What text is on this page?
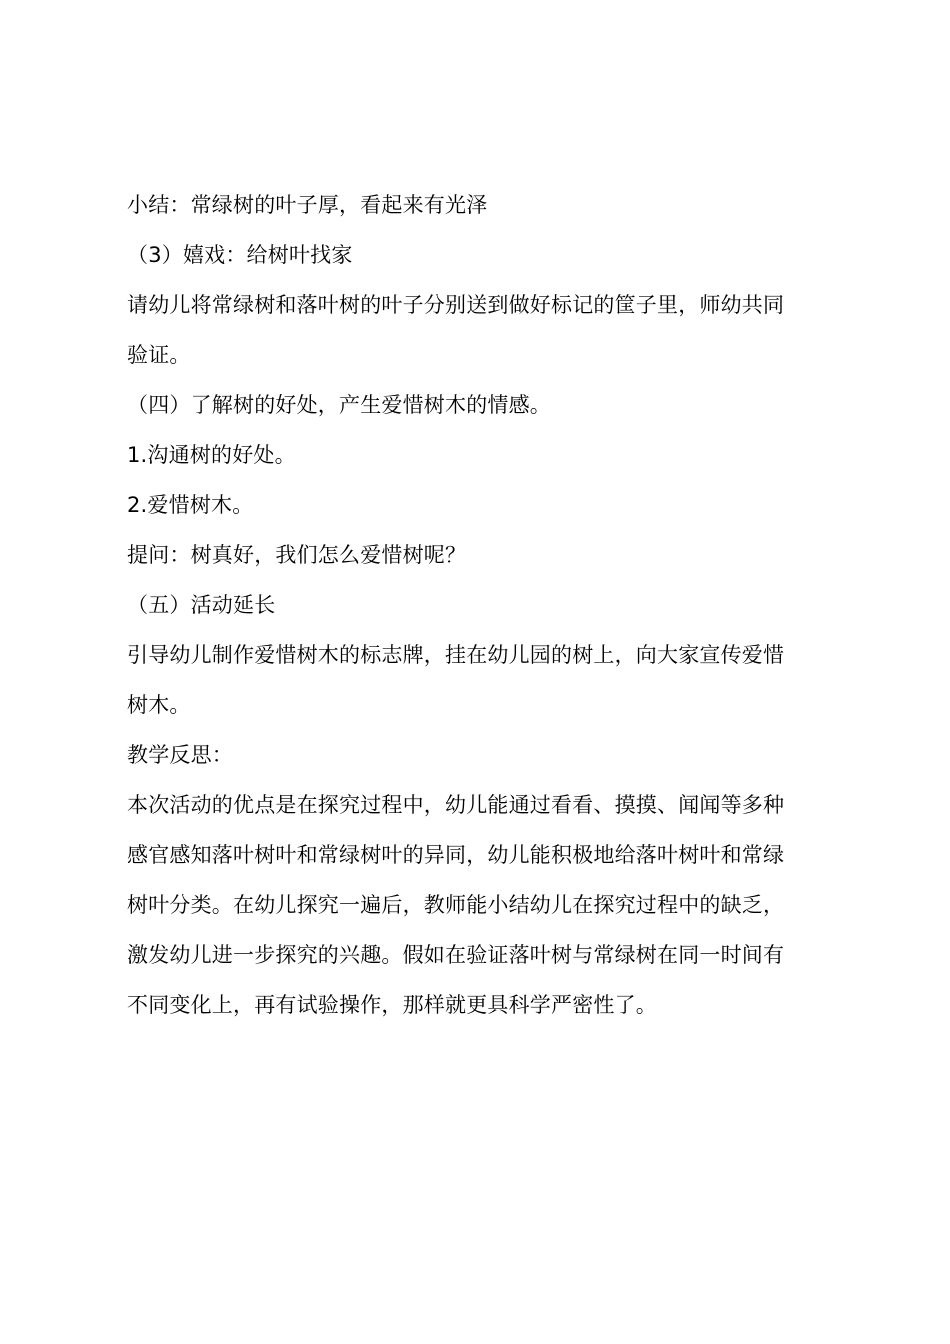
小结：常绿树的叶子厚，看起来有光泽
（3）嬉戏：给树叶找家
请幼儿将常绿树和落叶树的叶子分别送到做好标记的筐子里，师幼共同
验证。
（四）了解树的好处，产生爱惜树木的情感。
1.沟通树的好处。
2.爱惜树木。
提问：树真好，我们怎么爱惜树呢？
（五）活动延长
引导幼儿制作爱惜树木的标志牌，挂在幼儿园的树上，向大家宣传爱惜
树木。
教学反思：
本次活动的优点是在探究过程中，幼儿能通过看看、摸摸、闻闻等多种
感官感知落叶树叶和常绿树叶的异同，幼儿能积极地给落叶树叶和常绿
树叶分类。在幼儿探究一遍后，教师能小结幼儿在探究过程中的缺乏，
激发幼儿进一步探究的兴趣。假如在验证落叶树与常绿树在同一时间有
不同变化上，再有试验操作，那样就更具科学严密性了。
